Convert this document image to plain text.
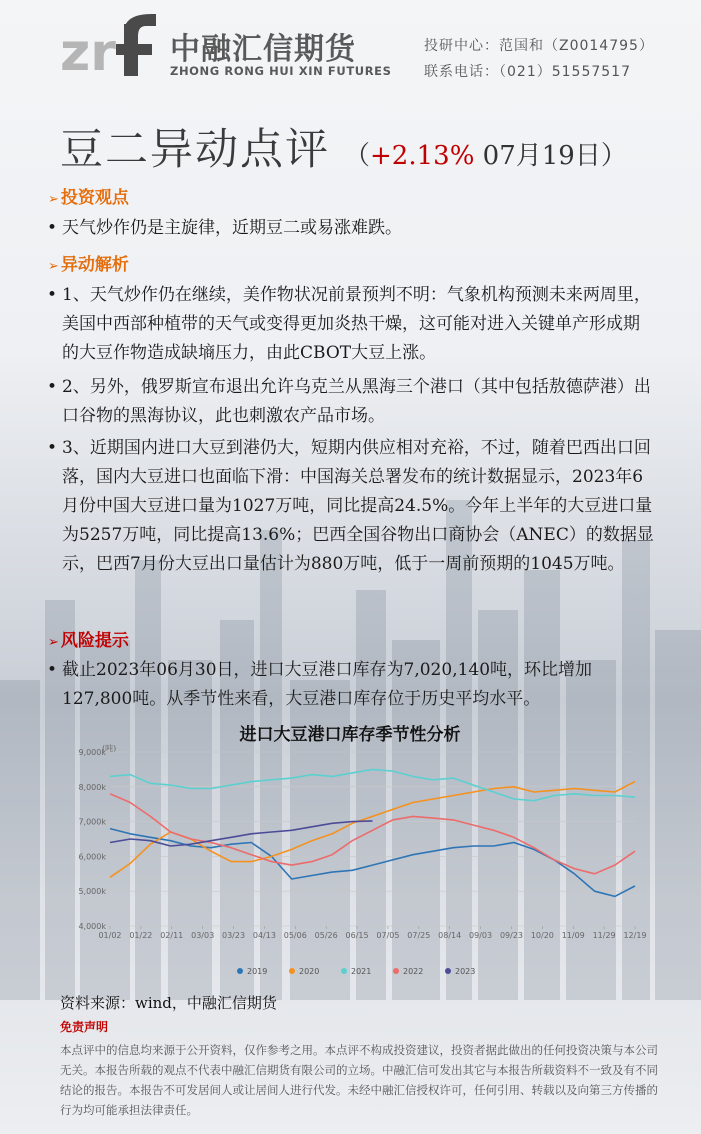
zr 中融汇信期货
ZHONG RONG HUI XIN FUTURES
投研中心：范国和（Z0014795）
联系电话：（021）51557517
豆二异动点评 （+2.13% 07月19日）
➢ 投资观点
• 天气炒作仍是主旋律，近期豆二或易涨难跌。
➢ 异动解析
• 1、天气炒作仍在继续，美作物状况前景预判不明：气象机构预测未来两周里，美国中西部种植带的天气或变得更加炎热干燥，这可能对进入关键单产形成期的大豆作物造成缺墒压力，由此CBOT大豆上涨。
• 2、另外，俄罗斯宣布退出允许乌克兰从黑海三个港口（其中包括敖德萨港）出口谷物的黑海协议，此也刺激农产品市场。
• 3、近期国内进口大豆到港仍大，短期内供应相对充裕，不过，随着巴西出口回落，国内大豆进口也面临下滑：中国海关总署发布的统计数据显示，2023年6月份中国大豆进口量为1027万吨，同比提高24.5%。今年上半年的大豆进口量为5257万吨，同比提高13.6%；巴西全国谷物出口商协会（ANEC）的数据显示，巴西7月份大豆出口量估计为880万吨，低于一周前预期的1045万吨。
➢ 风险提示
• 截止2023年06月30日，进口大豆港口库存为7,020,140吨，环比增加127,800吨。从季节性来看，大豆港口库存位于历史平均水平。
进口大豆港口库存季节性分析
(吨)
9,000k
8,000k
7,000k
6,000k
5,000k
4,000k
01/02 01/22 02/11 03/03 03/23 04/13 05/06 05/26 06/15 07/05 07/25 08/14 09/03 09/23 10/20 11/09 11/29 12/19
2019	2020	2021	2022	2023
资料来源：wind，中融汇信期货
免责声明
本点评中的信息均来源于公开资料，仅作参考之用。本点评不构成投资建议，投资者据此做出的任何投资决策与本公司无关。本报告所载的观点不代表中融汇信期货有限公司的立场。中融汇信可发出其它与本报告所载资料不一致及有不同结论的报告。本报告不可发居间人或让居间人进行代发。未经中融汇信授权许可，任何引用、转载以及向第三方传播的行为均可能承担法律责任。
